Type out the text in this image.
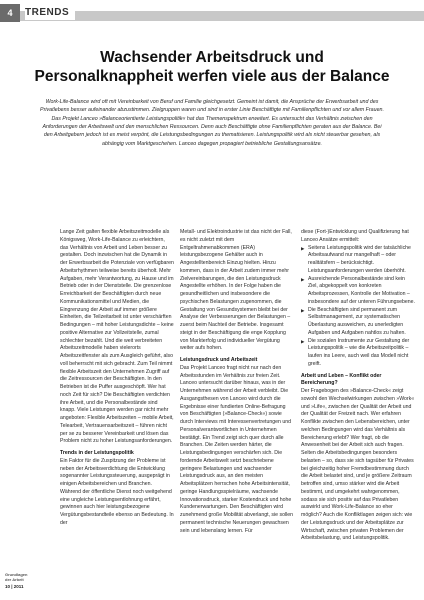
4	TRENDS
Wachsender Arbeitsdruck und Personalknappheit werfen viele aus der Balance

Work-Life-Balance wird oft mit Vereinbarkeit von Beruf und Familie gleichgesetzt. Gemeint ist damit, die Ansprüche der Erwerbsarbeit und des Privatlebens besser aufeinander abzustimmen. Zielgruppen waren und sind in erster Linie Beschäftigte mit Familienpflichten und vor allem Frauen. Das Projekt Lanceo »Balanceorientierte Leistungspolitik« hat das Themenspektrum erweitert. Es untersucht das Verhältnis zwischen den Anforderungen der Arbeitswelt und den menschlichen Ressourcen. Denn auch Beschäftigte ohne Familienpflichten geraten aus der Balance. Bei den Arbeitgebern jedoch ist es meist verpönt, die Leistungsbedingungen zu thematisieren. Leistungspolitik wird als nicht steuerbar gesehen, als abhängig vom Marktgeschehen. Lanceo dagegen propagiert betriebliche Gestaltungsansätze.

Lange Zeit galten flexible Arbeitszeitmodelle als Königsweg, Work-Life-Balance zu erleichtern, das Verhältnis von Arbeit und Leben besser zu gestalten. Doch inzwischen hat die Dynamik in der Erwerbsarbeit die Potenziale von verfügbaren Arbeitsrhythmen teilweise bereits überholt. Mehr Aufgaben, mehr Verantwortung, zu Hause und im Betrieb oder in der Dienststelle. Die grenzenlose Erreichbarkeit der Beschäftigten durch neue Kommunikationsmittel und Medien, die Eingrenzung der Arbeit auf immer größere Einheiten, die Teilzeitarbeit ist unter verschärften Bedingungen – mit hoher Leistungsdichte – keine positive Alternative zur Vollzeitstelle, zumal schlechter bezahlt. Und die weit verbreiteten Arbeitszeitmodelle haben vielerorts Arbeitszeitfenster als zum Ausgleich geführt, also voll beherrscht mit sich gebracht. Zum Teil nimmt flexible Arbeitszeit den Unternehmen Zugriff auf die Zeitressourcen der Beschäftigten. In den Betrieben ist die Puffer ausgeschöpft. Wer hat noch Zeit für sich? Die Beschäftigten verdichten ihre Arbeit, und die Personalbestände sind knapp. Viele Leistungen werden gar nicht mehr angeboten: Flexible Arbeitszeiten – mobile Arbeit, Telearbeit, Vertrauensarbeitszeit – führen nicht per se zu besserer Vereinbarkeit und lösen das Problem nicht zu hoher Leistungsanforderungen.

Trends in der Leistungspolitik

Ein Faktor für die Zuspitzung der Probleme ist neben der Arbeitsverdichtung die Entwicklung sogenannter Leistungssteuerung, ausgeprägt in einigen Arbeitsbereichen und Branchen. Während der öffentliche Dienst noch weitgehend eine ungleiche Leistungsentlohnung erfährt, gewinnen auch hier leistungsbezogene Vergütungsbestandteile ebenso an Bedeutung. In der

Metall- und Elektroindustrie ist das nicht der Fall, es nicht zuletzt mit dem Entgeltrahmenabkommen (ERA) leistungsbezogene Gehälter auch in Angestelltenbereich Einzug hielten. Hinzu kommen, dass in der Arbeit zudem immer mehr Zielvereinbarungen, die den Leistungsdruck Angestellte erhöhen. In der Folge haben die gesundheitlichen und insbesondere die psychischen Belastungen zugenommen, die Gestaltung von Gesundsystemen bleibt bei der Analyse der Verbesserungen der Belastungen – zuerst beim Nachteil der Betriebe. Insgesamt steigt in der Beschäftigung die enge Kopplung von Markterfolg und individueller Vergütung weiter aufs hohen.

Leistungsdruck und Arbeitszeit

Das Projekt Lanceo fragt nicht nur nach den Arbeitsstunden im Verhältnis zur freien Zeit. Lanceo untersucht darüber hinaus, was in der Unternehmen während der Arbeit verbleibt. Die Ausgangsthesen von Lanceo wird durch die Ergebnisse einer fundierten Online-Befragung von Beschäftigten (»Balance-Check«) sowie durch Interviews mit Interessenvertretungen und Personalverantwortlichen in Unternehmen bestätigt. Ein Trend zeigt sich quer durch alle Branchen. Die Zeiten werden härter, die Leistungsbedingungen verschärfen sich. Die fordernde Arbeitswelt setzt beschriebene geringere Belastungen und wachsender Leistungsdruck aus, an den meisten Arbeitsplätzen herrschen hohe Arbeitsintensität, geringe Handlungsspielräume, wachsende Innovationsdruck, starker Kostendruck und hohe Kundenerwartungen. Den Beschäftigten wird zunehmend große Mobilität abverlangt, sie sollen permanent technische Neuerungen gewachsen sein und lebenslang lernen. Für

diese (Fort-)Entwicklung und Qualifizierung hat Lanceo Ansätze ermittelt:

▶ Seitens Leistungspolitik wird der tatsächliche Arbeitsaufwand nur mangelhaft – oder realitätsfern – berücksichtigt. Leistungsanforderungen werden überhöht.

▶ Ausreichende Personalbestände sind kein Ziel, abgekoppelt von konkreten Arbeitsprozessen, Kontrolle der Motivation – insbesondere auf der unteren Führungsebene.

▶ Die Beschäftigten sind permanent zum Selbstmanagement, zur systematischen Überlastung ausweichen, zu unerledigten Aufgaben und Aufgaben nahtlos zu halten.

▶ Die sozialen Instrumente zur Gestaltung der Leistungspolitik – wie die Arbeitszeitpolitik – laufen ins Leere, auch weil das Modell nicht greift.

Arbeit und Leben – Konflikt oder Bereicherung?

Der Fragebogen des »Balance-Check« zeigt sowohl den Wechselwirkungen zwischen »Work« und »Life«, zwischen der Qualität der Arbeit und der Qualität der Freizeit nach. Wer erfahren Konflikte zwischen den Lebensbereichen, unter welchen Bedingungen wird das Verhältnis als Bereicherung erlebt? Wer fragt, ob die Anwesenheit bei der Arbeit sich auch fragen. Selten die Arbeitsbedingungen besonders belasten – so, dass sie sich tagsüber für Privates bei gleichzeitig hoher Fremdbestimmung durch die Arbeit belastet sind, und je größere Zeitraum betroffen sind, umso stärker wird die Arbeit bestimmt, und umgekehrt wahrgenommen, sodass sie sich positiv auf das Privatleben auswirkt und Work-Life-Balance so eher möglich? Auch die Konfliktlagen zeigen sich: wie der Leistungsdruck und der Arbeitsplätze zur Wirtschaft, zwischen privaten Problemen der Arbeitsbelastung, und Leistungspolitik.

Grundlagen der Arbeit
10 | 2011
